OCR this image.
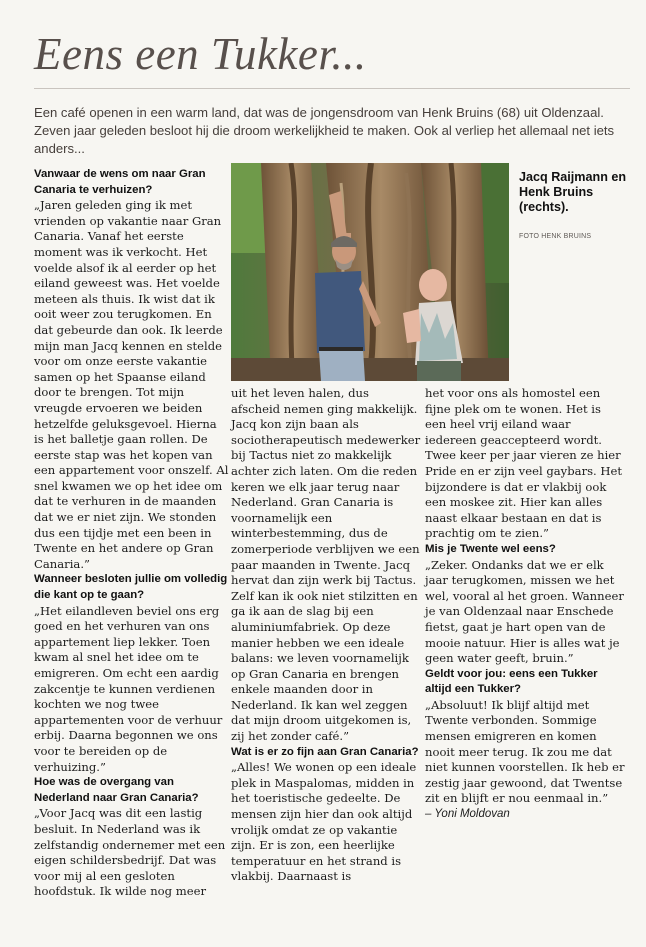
Eens een Tukker...

Een café openen in een warm land, dat was de jongensdroom van Henk Bruins (68) uit Oldenzaal. Zeven jaar geleden besloot hij die droom werkelijkheid te maken. Ook al verliep het allemaal net iets anders...

Vanwaar de wens om naar Gran Canaria te verhuizen?

„Jaren geleden ging ik met vrienden op vakantie naar Gran Canaria. Vanaf het eerste moment was ik verkocht. Het voelde alsof ik al eerder op het eiland geweest was. Het voelde meteen als thuis. Ik wist dat ik ooit weer zou terugkomen. En dat gebeurde dan ook. Ik leerde mijn man Jacq kennen en stelde voor om onze eerste vakantie samen op het Spaanse eiland door te brengen. Tot mijn vreugde ervoeren we beiden hetzelfde geluksgevoel. Hierna is het balletje gaan rollen. De eerste stap was het kopen van een appartement voor onszelf. Al snel kwamen we op het idee om dat te verhuren in de maanden dat we er niet zijn. We stonden dus een tijdje met een been in Twente en het andere op Gran Canaria.”

Wanneer besloten jullie om volledig die kant op te gaan?

„Het eilandleven beviel ons erg goed en het verhuren van ons appartement liep lekker. Toen kwam al snel het idee om te emigreren. Om echt een aardig zakcentje te kunnen verdienen kochten we nog twee appartementen voor de verhuur erbij. Daarna begonnen we ons voor te bereiden op de verhuizing.”

Hoe was de overgang van Nederland naar Gran Canaria?

„Voor Jacq was dit een lastig besluit. In Nederland was ik zelfstandig ondernemer met een eigen schildersbedrijf. Dat was voor mij al een gesloten hoofdstuk. Ik wilde nog meer

Jacq Raijmann en Henk Bruins (rechts).

FOTO HENK BRUINS

uit het leven halen, dus afscheid nemen ging makkelijk. Jacq kon zijn baan als sociotherapeutisch medewerker bij Tactus niet zo makkelijk achter zich laten. Om die reden keren we elk jaar terug naar Nederland. Gran Canaria is voornamelijk een winterbestemming, dus de zomerperiode verblijven we een paar maanden in Twente. Jacq hervat dan zijn werk bij Tactus. Zelf kan ik ook niet stilzitten en ga ik aan de slag bij een aluminiumfabriek. Op deze manier hebben we een ideale balans: we leven voornamelijk op Gran Canaria en brengen enkele maanden door in Nederland. Ik kan wel zeggen dat mijn droom uitgekomen is, zij het zonder café.”

Wat is er zo fijn aan Gran Canaria?

„Alles! We wonen op een ideale plek in Maspalomas, midden in het toeristische gedeelte. De mensen zijn hier dan ook altijd vrolijk omdat ze op vakantie zijn. Er is zon, een heerlijke temperatuur en het strand is vlakbij. Daarnaast is

het voor ons als homostel een fijne plek om te wonen. Het is een heel vrij eiland waar iedereen geaccepteerd wordt. Twee keer per jaar vieren ze hier Pride en er zijn veel gaybars. Het bijzondere is dat er vlakbij ook een moskee zit. Hier kan alles naast elkaar bestaan en dat is prachtig om te zien.”

Mis je Twente wel eens?

„Zeker. Ondanks dat we er elk jaar terugkomen, missen we het wel, vooral al het groen. Wanneer je van Oldenzaal naar Enschede fietst, gaat je hart open van de mooie natuur. Hier is alles wat je geen water geeft, bruin.”

Geldt voor jou: eens een Tukker altijd een Tukker?

„Absoluut! Ik blijf altijd met Twente verbonden. Sommige mensen emigreren en komen nooit meer terug. Ik zou me dat niet kunnen voorstellen. Ik heb er zestig jaar gewoond, dat Twentse zit en blijft er nou eenmaal in.”

– Yoni Moldovan
